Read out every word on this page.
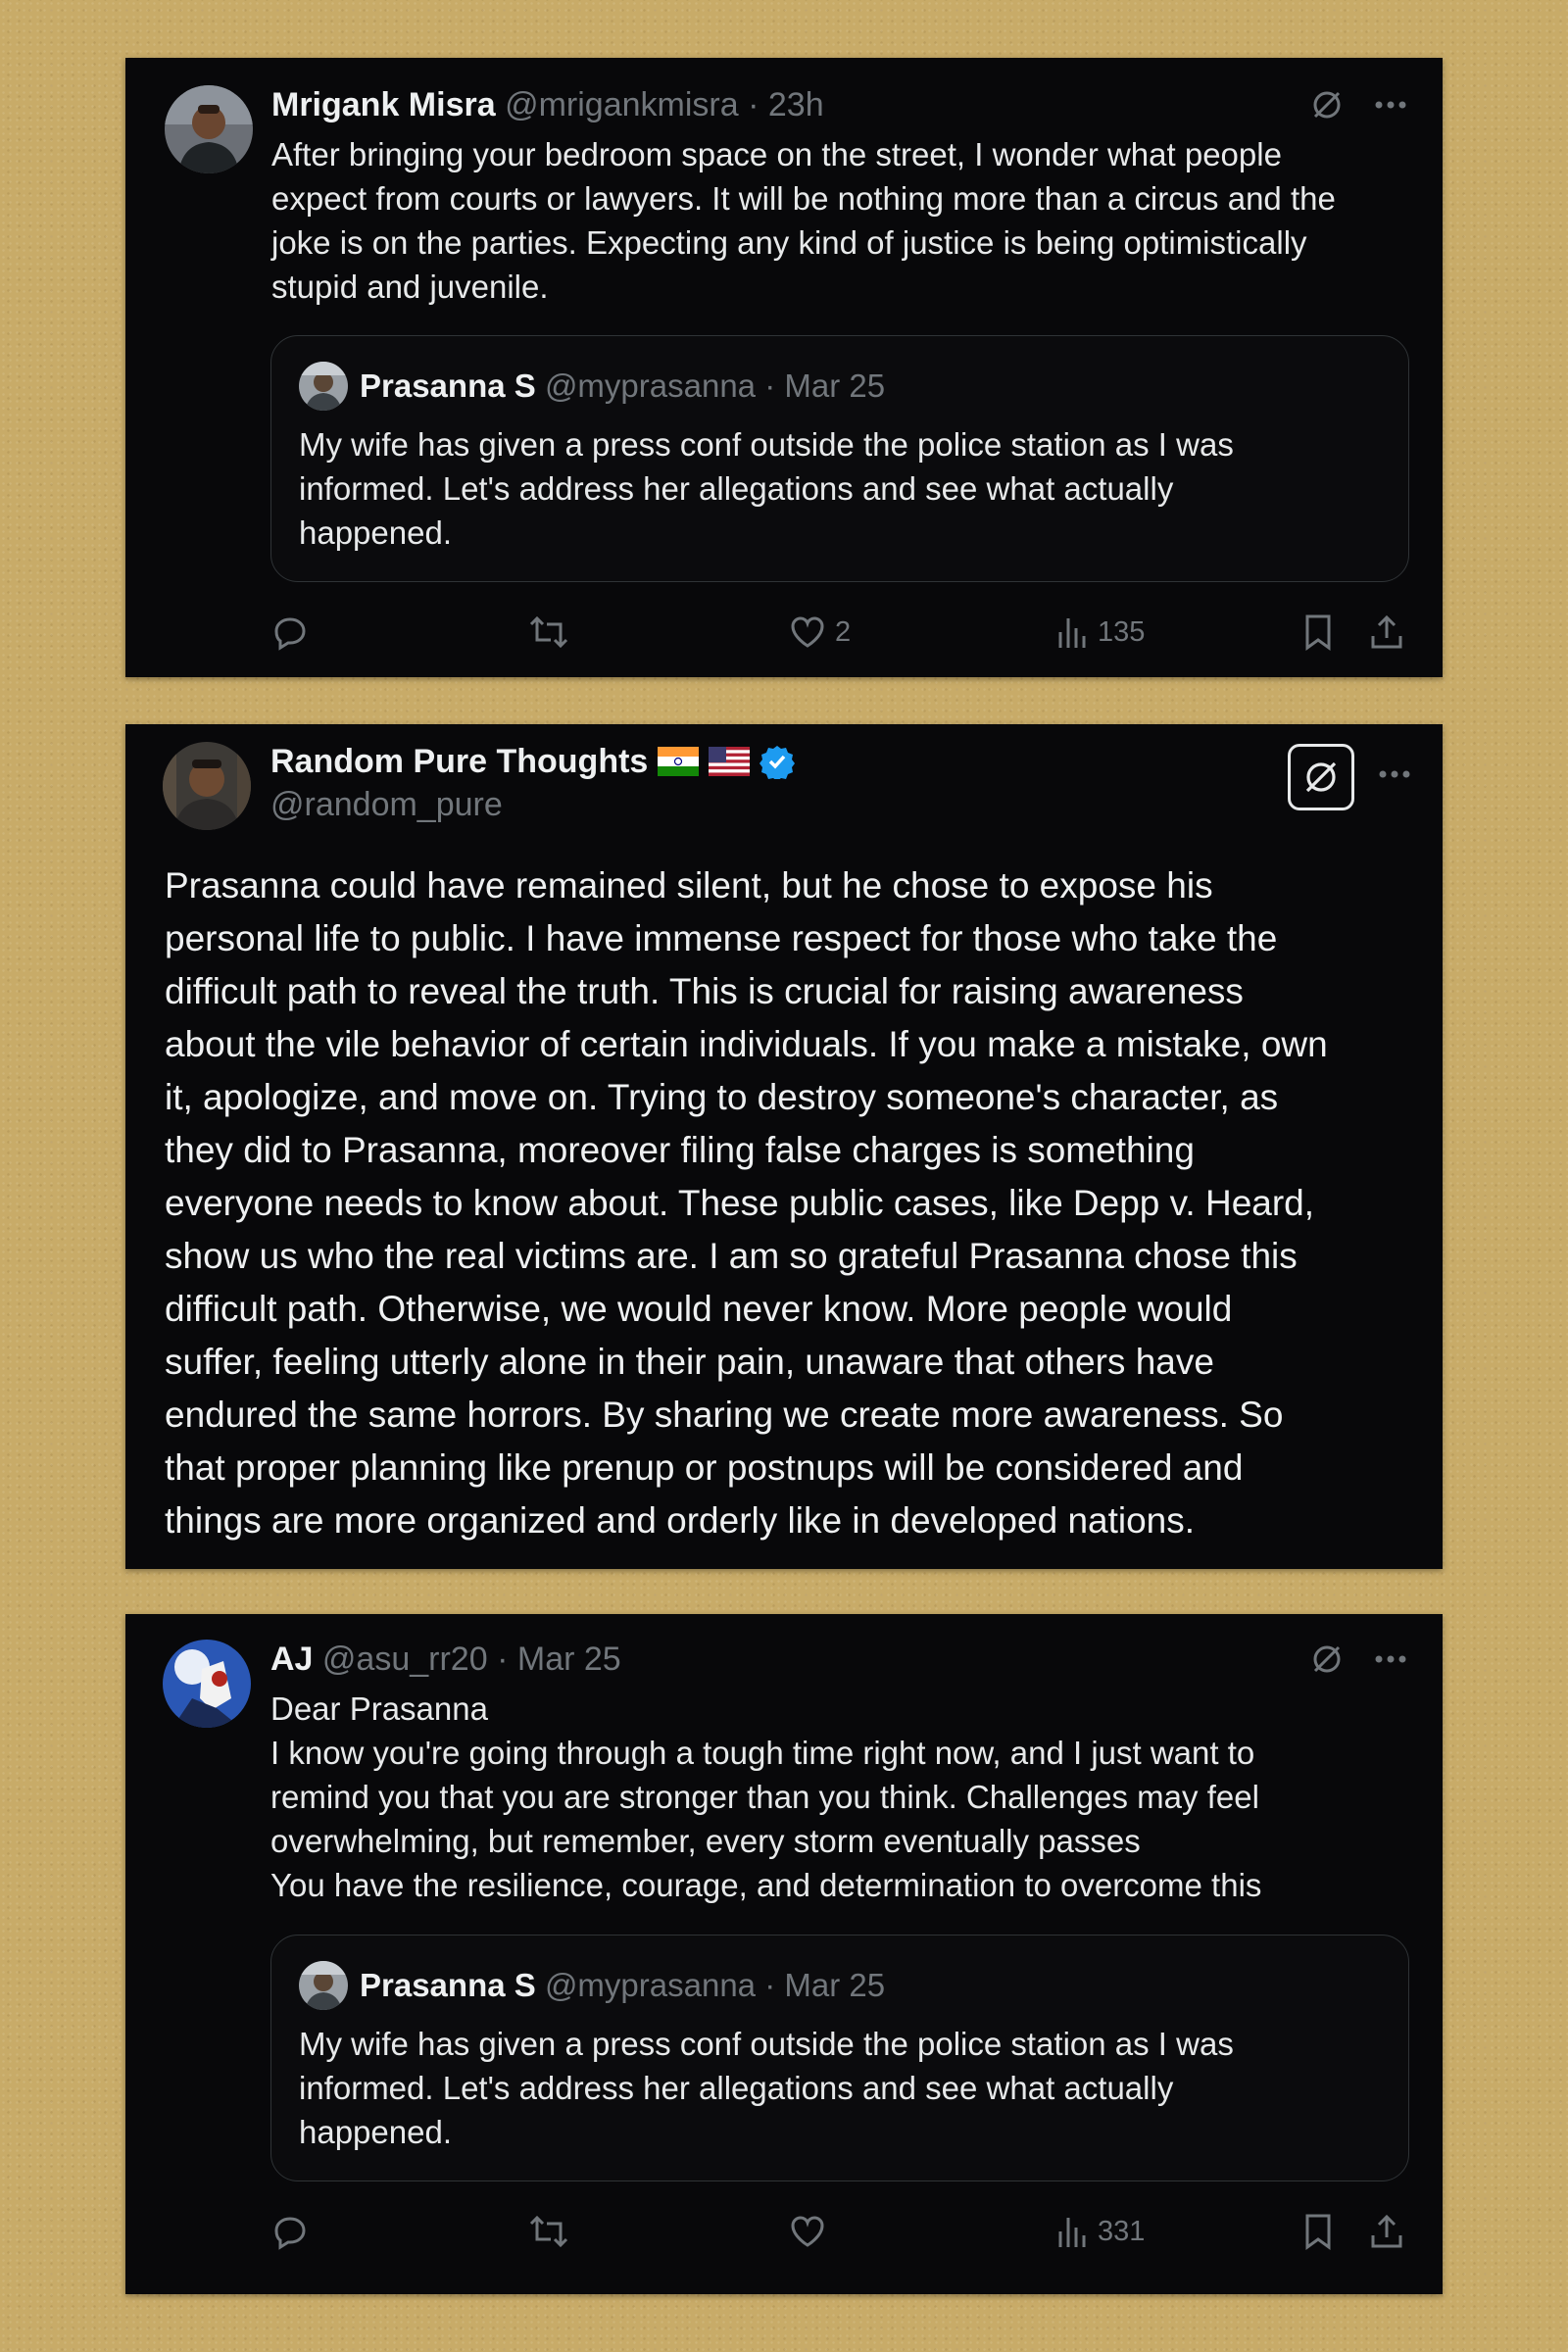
Mrigank Misra @mrigankmisra · 23h
After bringing your bedroom space on the street, I wonder what people
expect from courts or lawyers. It will be nothing more than a circus and the
joke is on the parties. Expecting any kind of justice is being optimistically
stupid and juvenile.
Prasanna S
@myprasanna
·
Mar 25
My wife has given a press conf outside the police station as I was
informed. Let's address her allegations and see what actually
happened.
2	135
Random Pure Thoughts
@random_pure
Prasanna could have remained silent, but he chose to expose his
personal life to public. I have immense respect for those who take the
difficult path to reveal the truth. This is crucial for raising awareness
about the vile behavior of certain individuals. If you make a mistake, own
it, apologize, and move on. Trying to destroy someone's character, as
they did to Prasanna, moreover filing false charges is something
everyone needs to know about. These public cases, like Depp v. Heard,
show us who the real victims are. I am so grateful Prasanna chose this
difficult path. Otherwise, we would never know. More people would
suffer, feeling utterly alone in their pain, unaware that others have
endured the same horrors. By sharing we create more awareness. So
that proper planning like prenup or postnups will be considered and
things are more organized and orderly like in developed nations.
AJ @asu_rr20 · Mar 25
Dear Prasanna
I know you're going through a tough time right now, and I just want to
remind you that you are stronger than you think. Challenges may feel
overwhelming, but remember, every storm eventually passes
You have the resilience, courage, and determination to overcome this
Prasanna S
@myprasanna
·
Mar 25
My wife has given a press conf outside the police station as I was
informed. Let's address her allegations and see what actually
happened.
331
